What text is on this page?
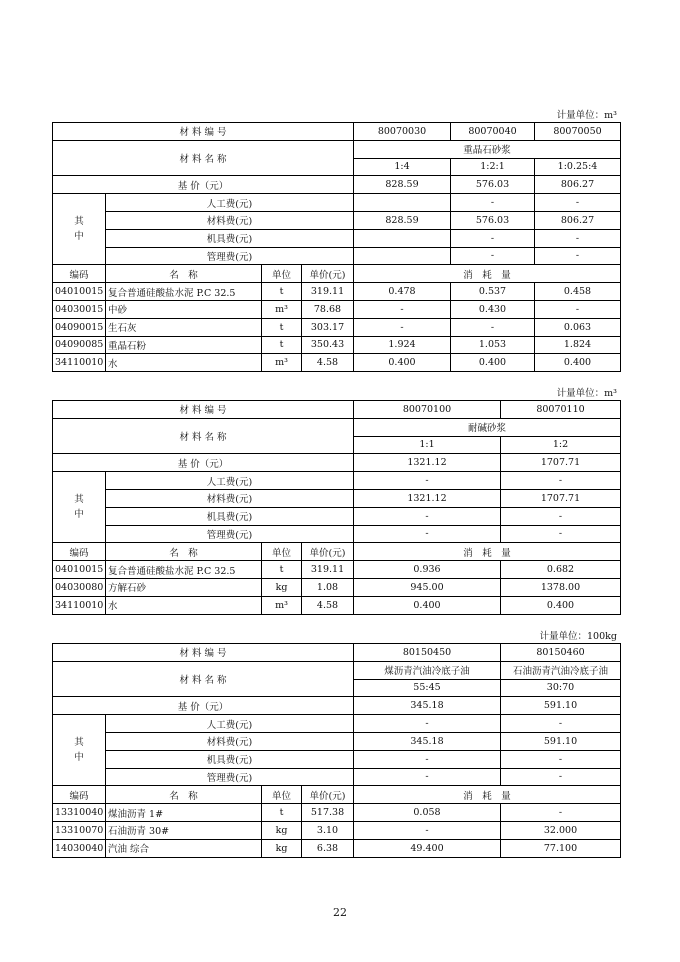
计量单位：m³
材 料 编 号				80070030	80070040	80070050
材 料 名 称				重晶石砂浆		
				1:4	1:2:1	1:0.25:4
基 价（元）				828.59	576.03	806.27
其
中	人工费(元)				-	-
	材料费(元)			828.59	576.03	806.27
	机具费(元)				-	-
	管理费(元)				-	-
编码	名　称	单位	单价(元)	消　耗　量		
04010015	复合普通硅酸盐水泥 P.C 32.5	t	319.11	0.478	0.537	0.458
04030015	中砂	m³	78.68	-	0.430	-
04090015	生石灰	t	303.17	-	-	0.063
04090085	重晶石粉	t	350.43	1.924	1.053	1.824
34110010	水	m³	4.58	0.400	0.400	0.400
计量单位：m³
材 料 编 号				80070100	80070110
材 料 名 称				耐碱砂浆	
				1:1	1:2
基 价（元）				1321.12	1707.71
其
中	人工费(元)			-	-
	材料费(元)			1321.12	1707.71
	机具费(元)			-	-
	管理费(元)			-	-
编码	名　称	单位	单价(元)	消　耗　量	
04010015	复合普通硅酸盐水泥 P.C 32.5	t	319.11	0.936	0.682
04030080	方解石砂	kg	1.08	945.00	1378.00
34110010	水	m³	4.58	0.400	0.400
计量单位：100kg
材 料 编 号				80150450	80150460
材 料 名 称				煤沥青汽油冷底子油	石油沥青汽油冷底子油
				55:45	30:70
基 价（元）				345.18	591.10
其
中	人工费(元)			-	-
	材料费(元)			345.18	591.10
	机具费(元)			-	-
	管理费(元)			-	-
编码	名　称	单位	单价(元)	消　耗　量	
13310040	煤油沥青 1#	t	517.38	0.058	-
13310070	石油沥青 30#	kg	3.10	-	32.000
14030040	汽油 综合	kg	6.38	49.400	77.100
22
